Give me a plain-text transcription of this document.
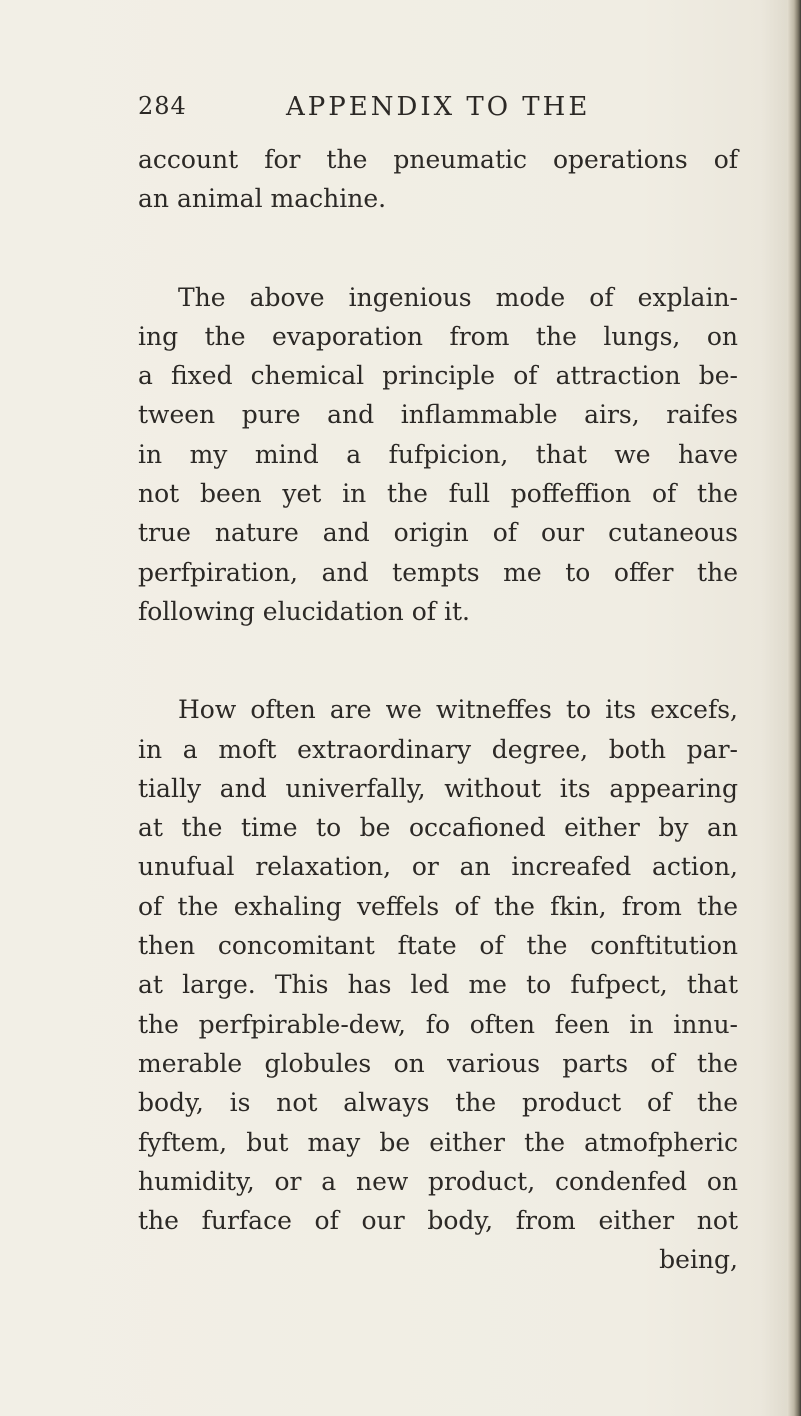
284	APPENDIX TO THE
account for the pneumatic operations of
an animal machine.
The above ingenious mode of explain-
ing the evaporation from the lungs, on
a fixed chemical principle of attraction be-
tween pure and inflammable airs, raifes
in my mind a fufpicion, that we have
not been yet in the full poffeffion of the
true nature and origin of our cutaneous
perfpiration, and tempts me to offer the
following elucidation of it.
How often are we witneffes to its excefs,
in a moft extraordinary degree, both par-
tially and univerfally, without its appearing
at the time to be occafioned either by an
unufual relaxation, or an increafed action,
of the exhaling veffels of the fkin, from the
then concomitant ftate of the conftitution
at large. This has led me to fufpect, that
the perfpirable-dew, fo often feen in innu-
merable globules on various parts of the
body, is not always the product of the
fyftem, but may be either the atmofpheric
humidity, or a new product, condenfed on
the furface of our body, from either not
being,
